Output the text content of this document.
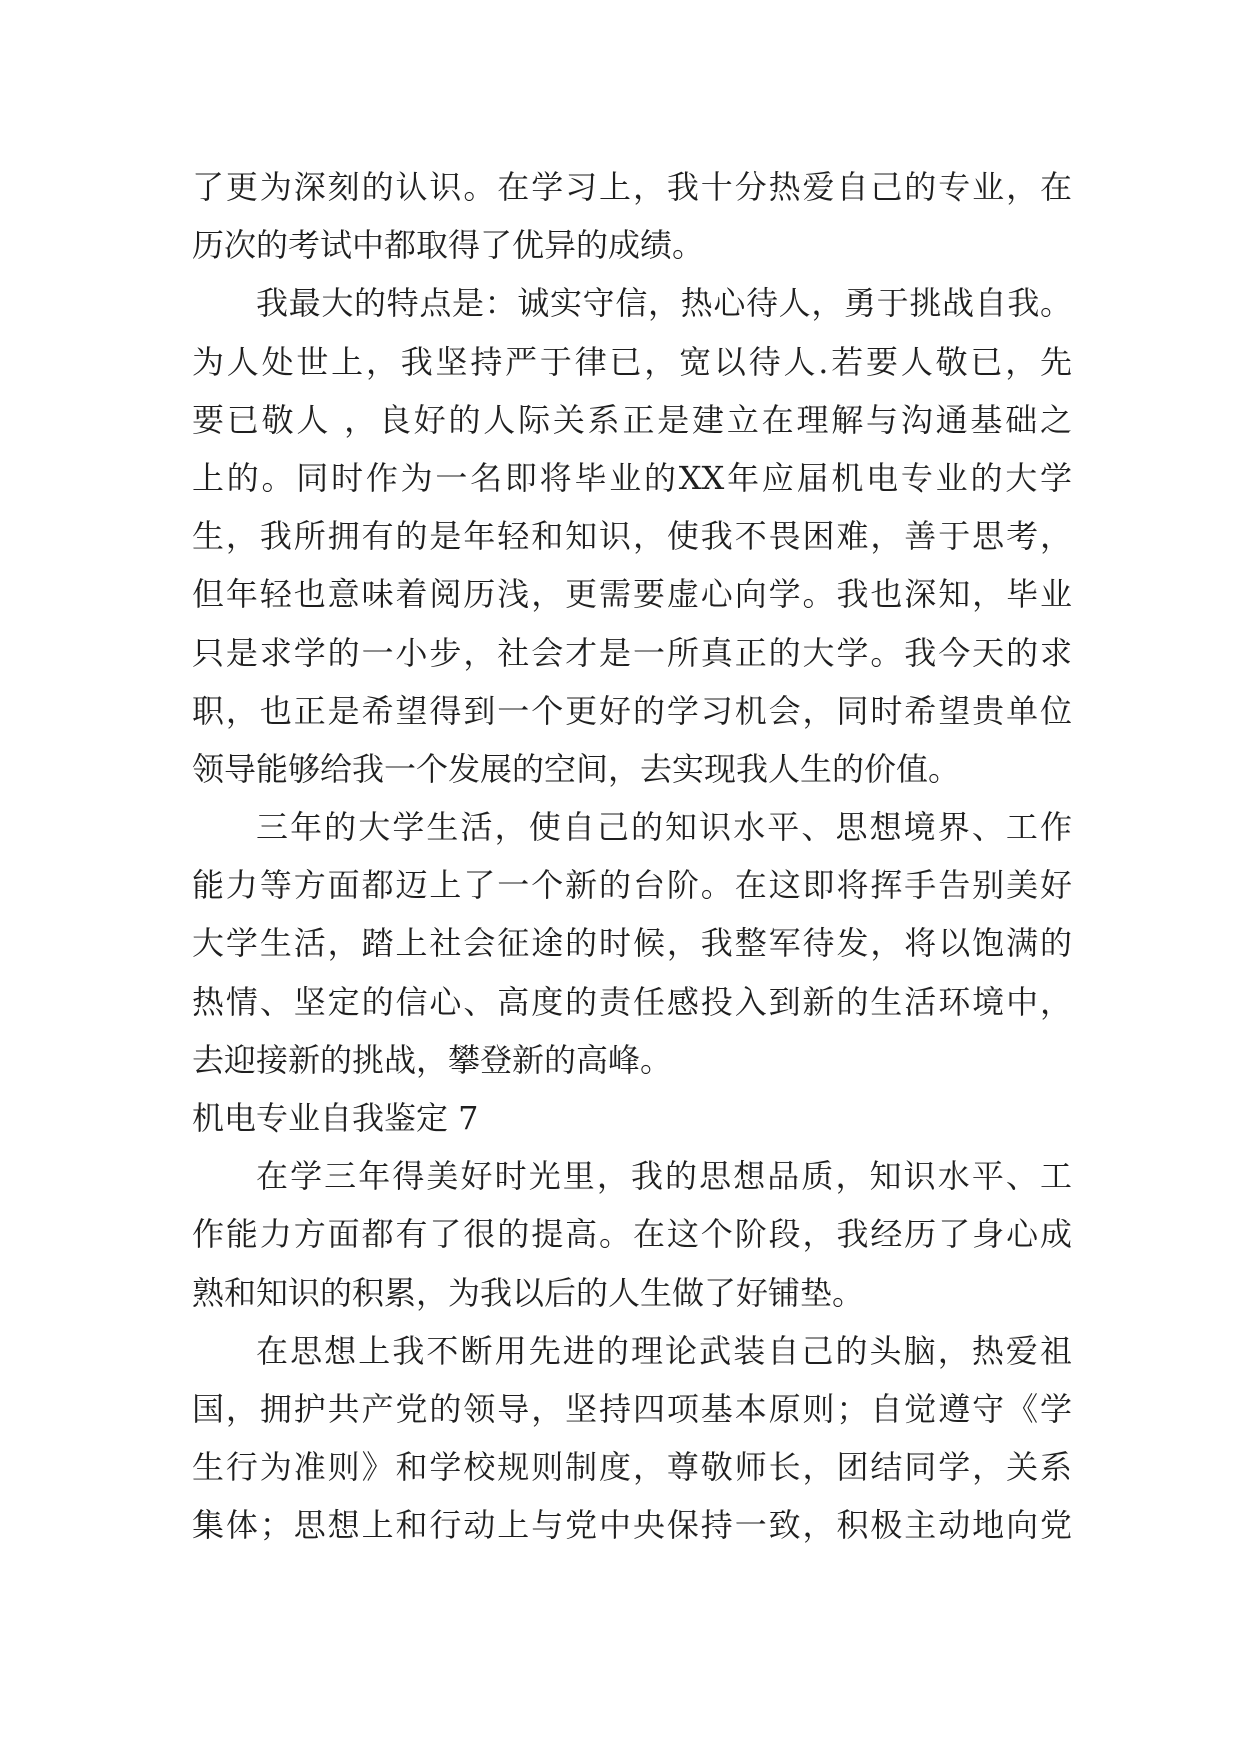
了更为深刻的认识。在学习上，我十分热爱自己的专业，在
历次的考试中都取得了优异的成绩。
我最大的特点是：诚实守信，热心待人，勇于挑战自我。
为人处世上，我坚持严于律已，宽以待人.若要人敬已，先
要已敬人 ，良好的人际关系正是建立在理解与沟通基础之
上的。同时作为一名即将毕业的XX年应届机电专业的大学
生，我所拥有的是年轻和知识，使我不畏困难，善于思考，
但年轻也意味着阅历浅，更需要虚心向学。我也深知，毕业
只是求学的一小步，社会才是一所真正的大学。我今天的求
职，也正是希望得到一个更好的学习机会，同时希望贵单位
领导能够给我一个发展的空间，去实现我人生的价值。
三年的大学生活，使自己的知识水平、思想境界、工作
能力等方面都迈上了一个新的台阶。在这即将挥手告别美好
大学生活，踏上社会征途的时候，我整军待发，将以饱满的
热情、坚定的信心、高度的责任感投入到新的生活环境中，
去迎接新的挑战，攀登新的高峰。
机电专业自我鉴定 7
在学三年得美好时光里，我的思想品质，知识水平、工
作能力方面都有了很的提高。在这个阶段，我经历了身心成
熟和知识的积累，为我以后的人生做了好铺垫。
在思想上我不断用先进的理论武装自己的头脑，热爱祖
国，拥护共产党的领导，坚持四项基本原则；自觉遵守《学
生行为准则》和学校规则制度，尊敬师长，团结同学，关系
集体；思想上和行动上与党中央保持一致，积极主动地向党
